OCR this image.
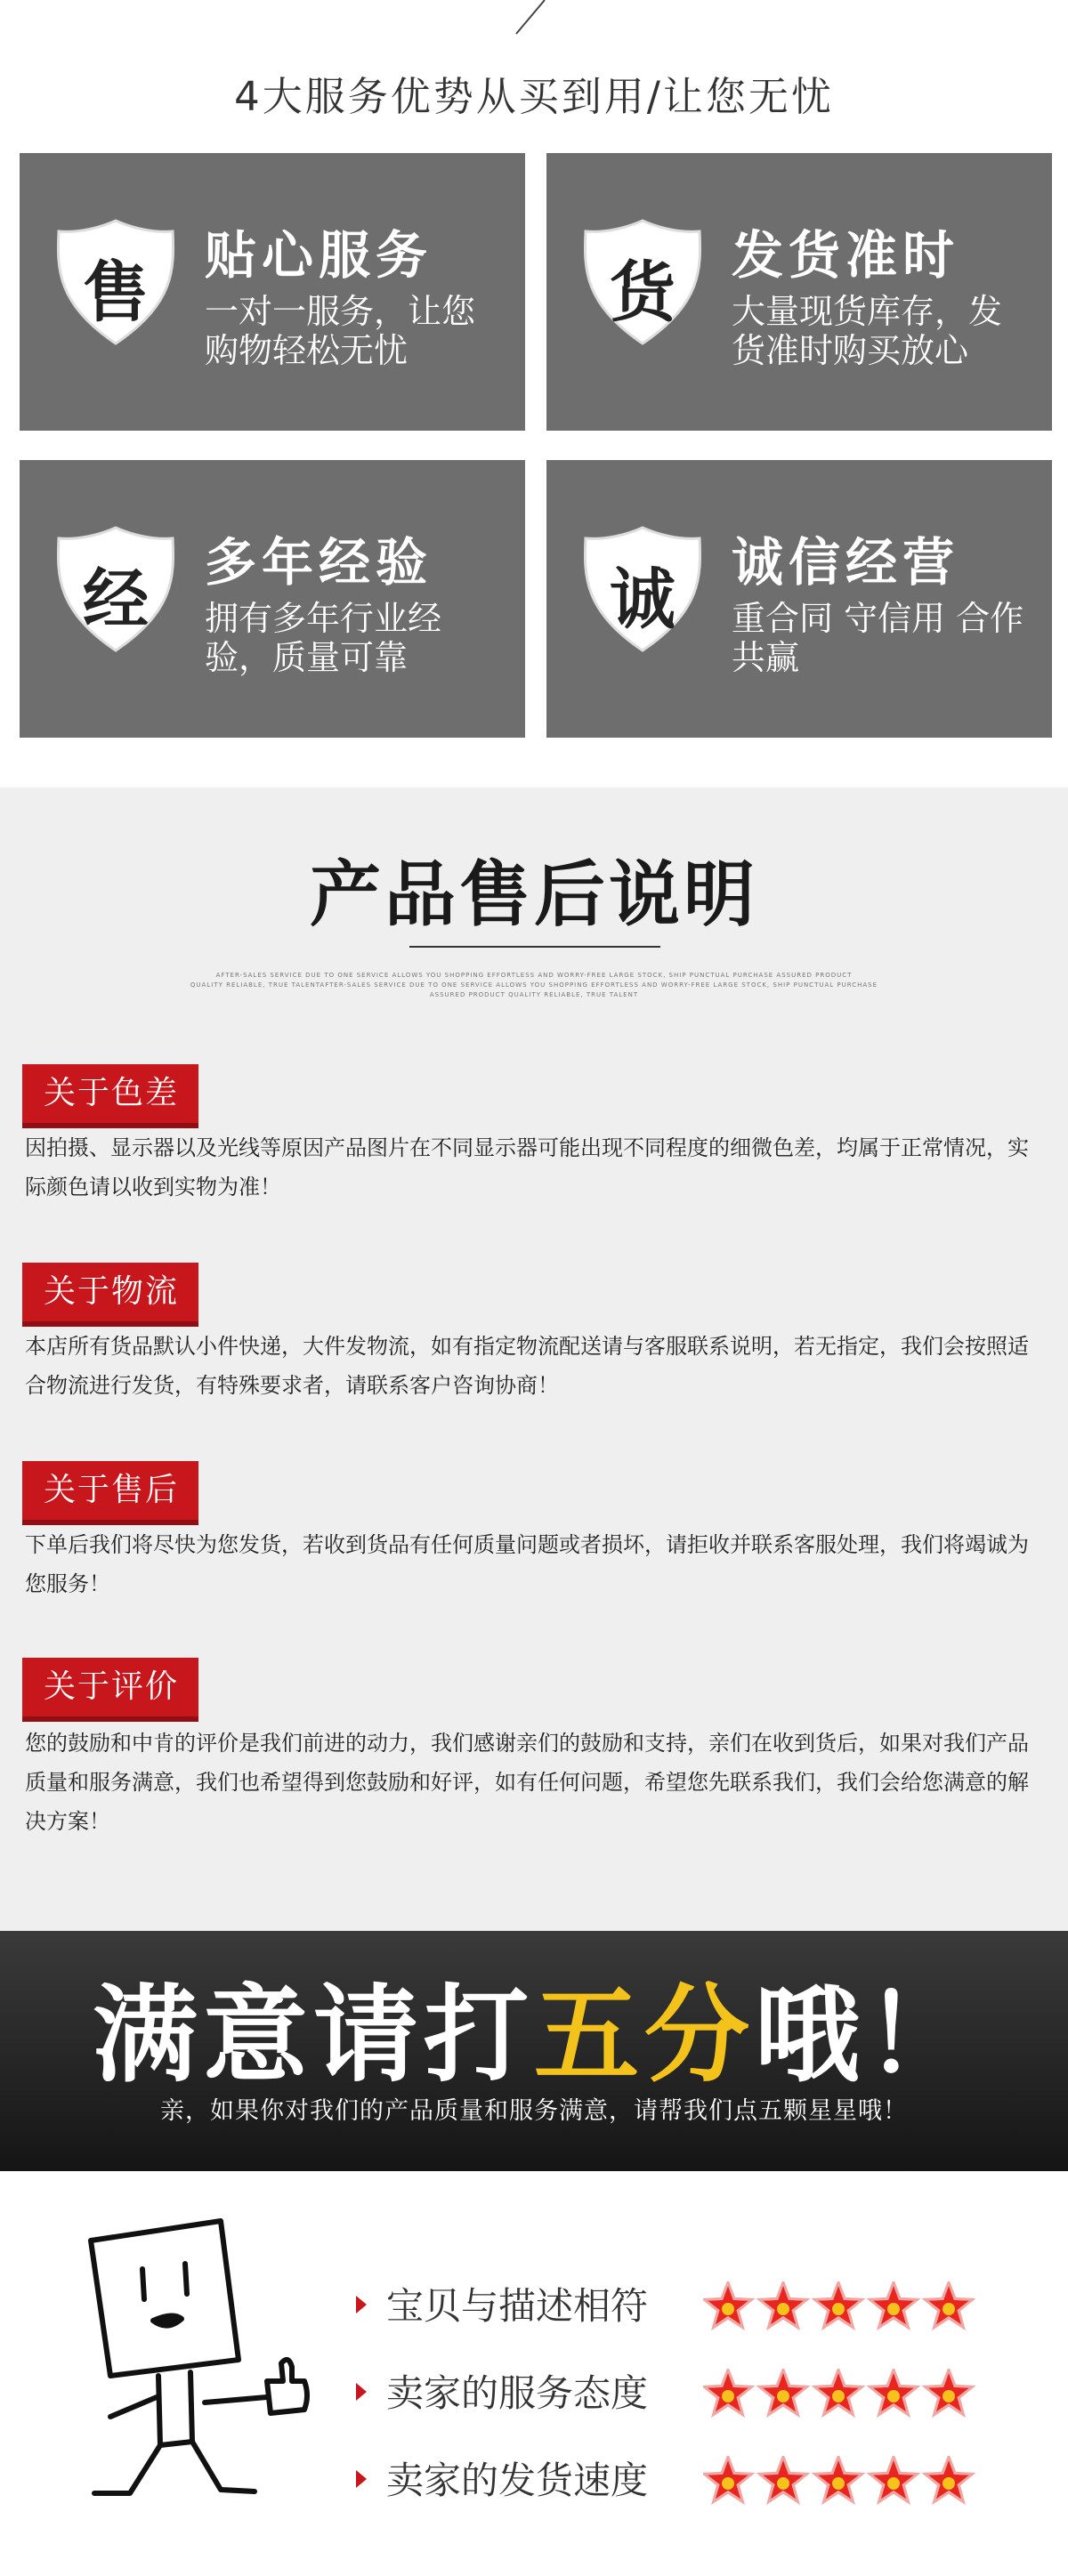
4大服务优势从买到用/让您无忧
售	贴心服务
一对一服务，让您购物轻松无忧
货	发货准时
大量现货库存，发货准时购买放心
经	多年经验
拥有多年行业经验，质量可靠
诚	诚信经营
重合同 守信用 合作共赢
产品售后说明
AFTER-SALES SERVICE DUE TO ONE SERVICE ALLOWS YOU SHOPPING EFFORTLESS AND WORRY-FREE LARGE STOCK, SHIP PUNCTUAL PURCHASE ASSURED PRODUCT
QUALITY RELIABLE, TRUE TALENTAFTER-SALES SERVICE DUE TO ONE SERVICE ALLOWS YOU SHOPPING EFFORTLESS AND WORRY-FREE LARGE STOCK, SHIP PUNCTUAL PURCHASE
ASSURED PRODUCT QUALITY RELIABLE, TRUE TALENT
关于色差
因拍摄、显示器以及光线等原因产品图片在不同显示器可能出现不同程度的细微色差，均属于正常情况，实际颜色请以收到实物为准！
关于物流
本店所有货品默认小件快递，大件发物流，如有指定物流配送请与客服联系说明，若无指定，我们会按照适合物流进行发货，有特殊要求者，请联系客户咨询协商！
关于售后
下单后我们将尽快为您发货，若收到货品有任何质量问题或者损坏，请拒收并联系客服处理，我们将竭诚为您服务！
关于评价
您的鼓励和中肯的评价是我们前进的动力，我们感谢亲们的鼓励和支持，亲们在收到货后，如果对我们产品质量和服务满意，我们也希望得到您鼓励和好评，如有任何问题，希望您先联系我们，我们会给您满意的解决方案！
满意请打五分哦！
亲，如果你对我们的产品质量和服务满意，请帮我们点五颗星星哦！
宝贝与描述相符
卖家的服务态度
卖家的发货速度
